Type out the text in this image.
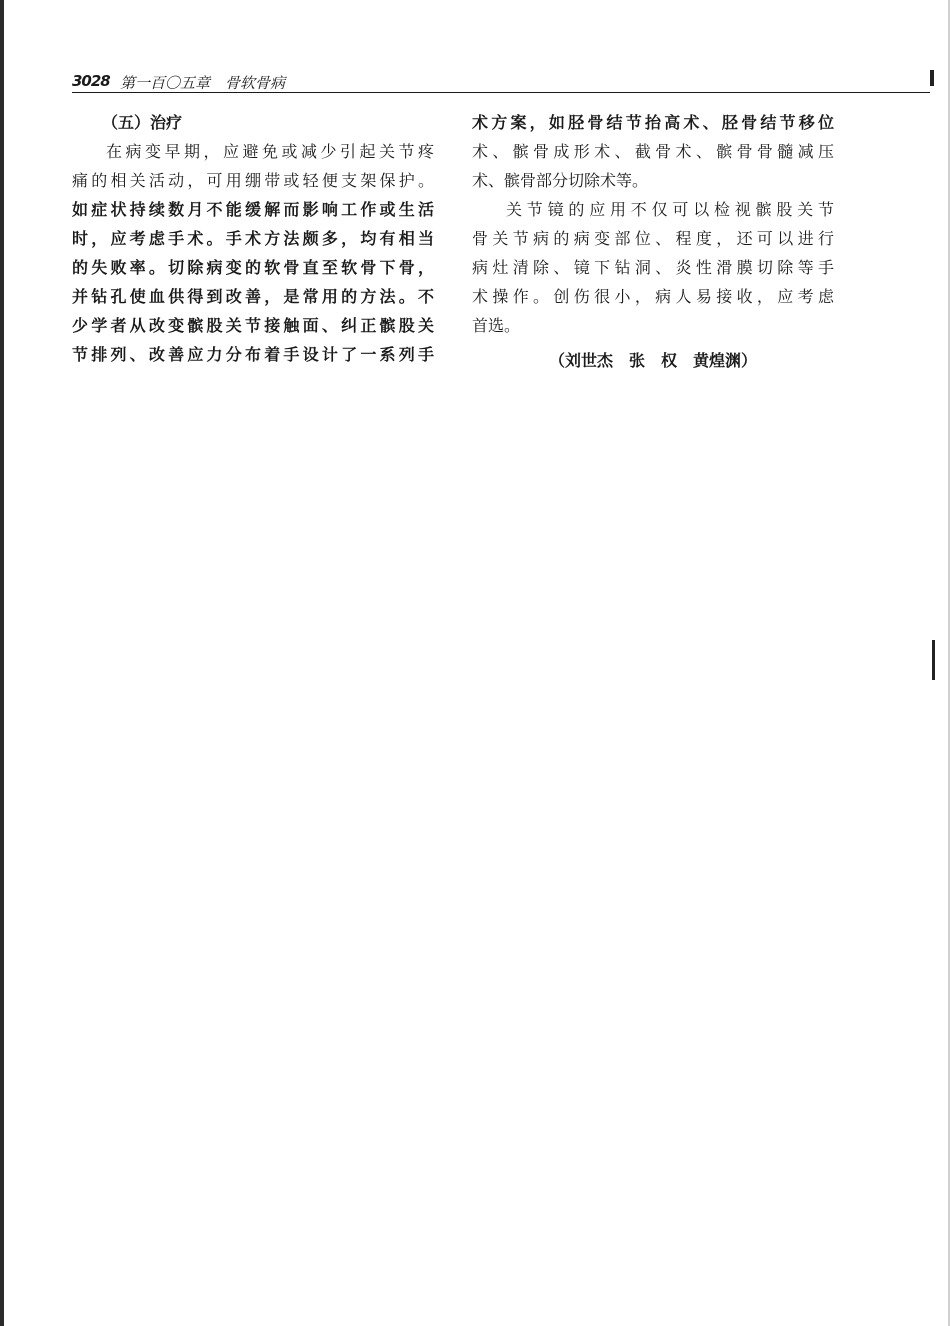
3028 第一百〇五章　骨软骨病
（五）治疗
在病变早期，应避免或减少引起关节疼
痛的相关活动，可用绷带或轻便支架保护。
如症状持续数月不能缓解而影响工作或生活
时，应考虑手术。手术方法颇多，均有相当
的失败率。切除病变的软骨直至软骨下骨，
并钻孔使血供得到改善，是常用的方法。不
少学者从改变髌股关节接触面、纠正髌股关
节排列、改善应力分布着手设计了一系列手
术方案，如胫骨结节抬高术、胫骨结节移位
术、髌骨成形术、截骨术、髌骨骨髓减压
术、髌骨部分切除术等。
关节镜的应用不仅可以检视髌股关节
骨关节病的病变部位、程度，还可以进行
病灶清除、镜下钻洞、炎性滑膜切除等手
术操作。创伤很小，病人易接收，应考虑
首选。
（刘世杰　张　权　黄煌渊）
